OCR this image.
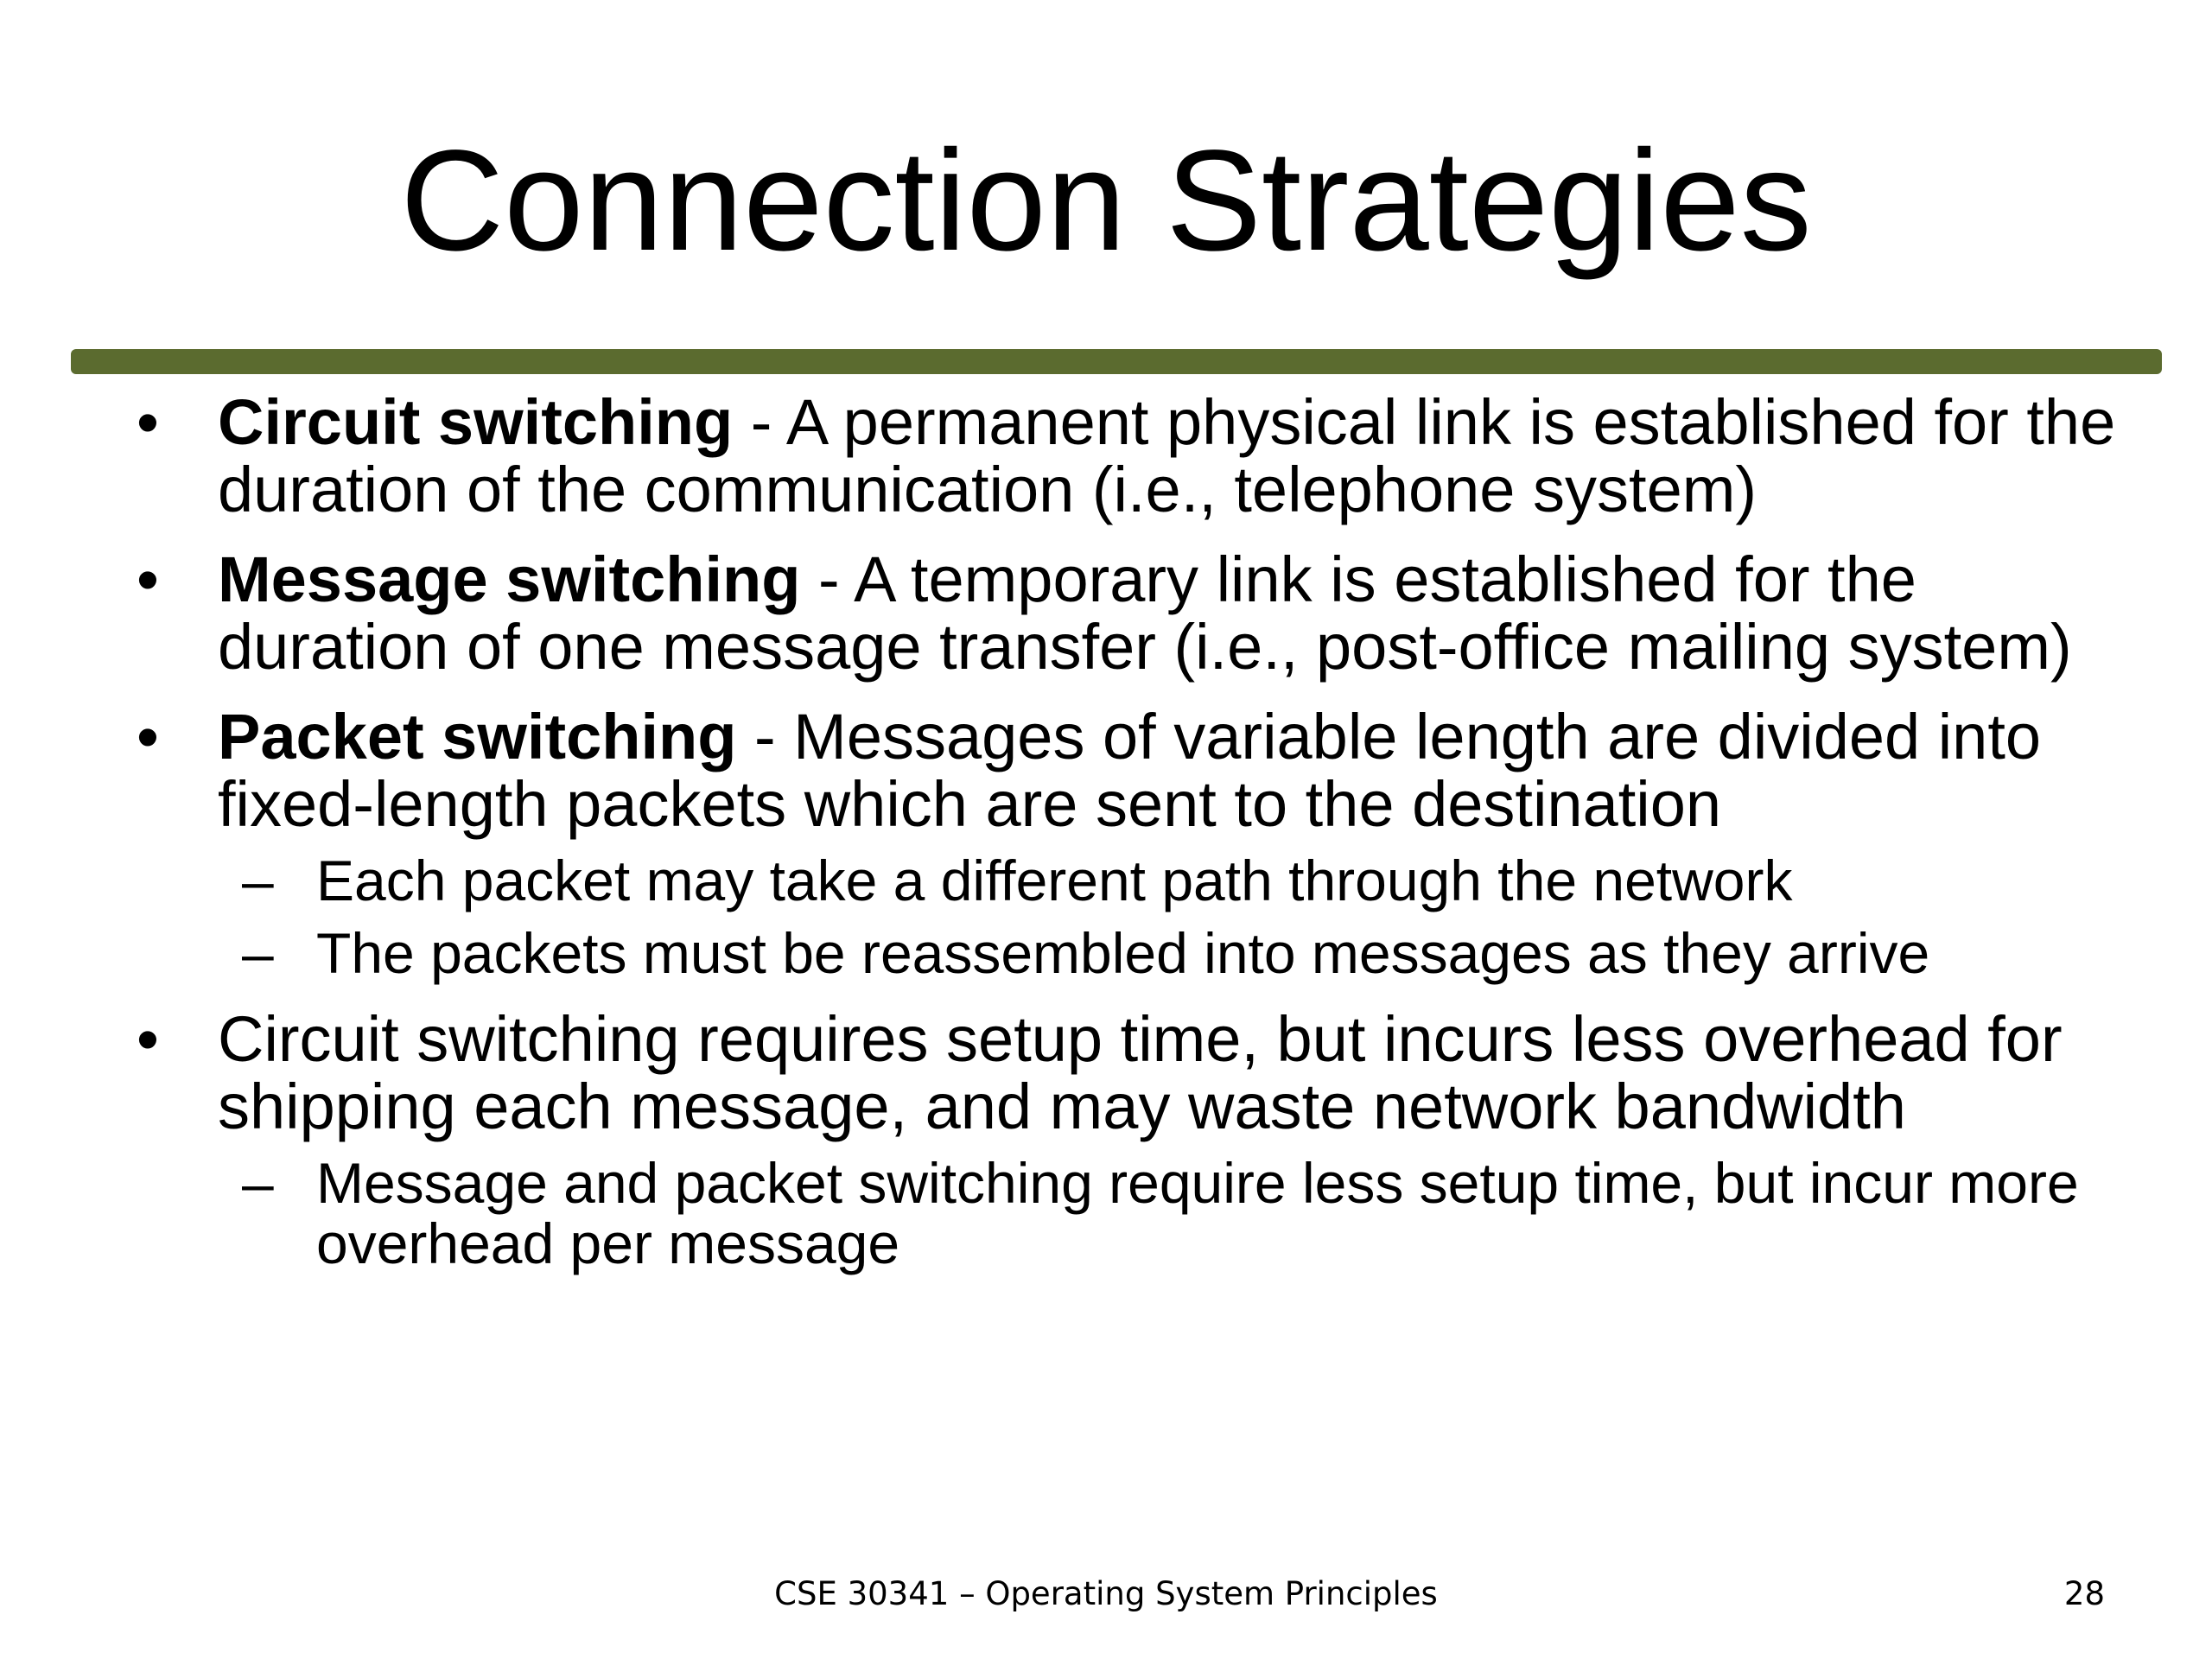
Connection Strategies
• Circuit switching - A permanent physical link is established for the duration of the communication (i.e., telephone system)
• Message switching - A temporary link is established for the duration of one message transfer (i.e., post-office mailing system)
• Packet switching - Messages of variable length are divided into fixed-length packets which are sent to the destination
– Each packet may take a different path through the network
– The packets must be reassembled into messages as they arrive
• Circuit switching requires setup time, but incurs less overhead for shipping each message, and may waste network bandwidth
– Message and packet switching require less setup time, but incur more overhead per message
CSE 30341 – Operating System Principles	28
